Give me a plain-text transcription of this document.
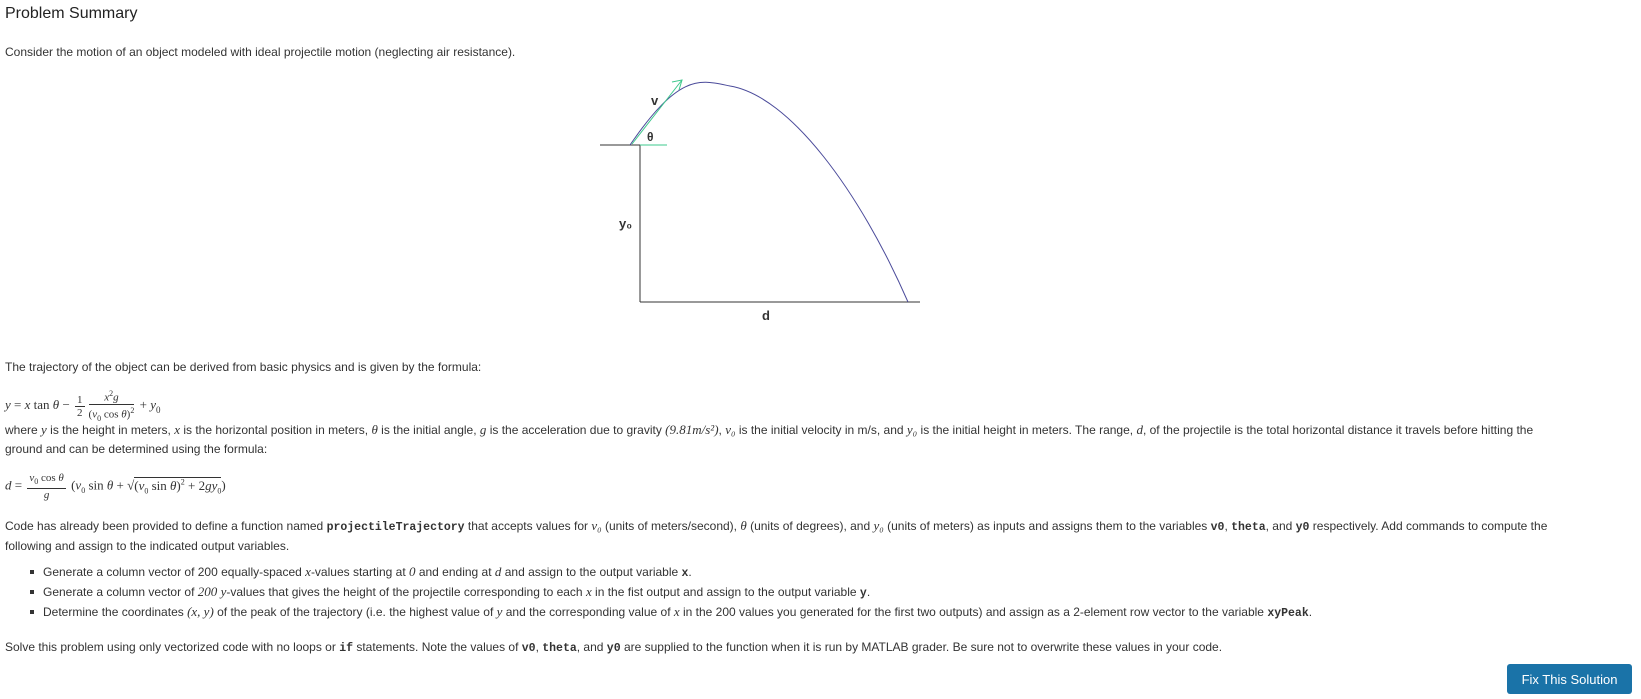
Problem Summary
Consider the motion of an object modeled with ideal projectile motion (neglecting air resistance).
v
θ
y₀
d
The trajectory of the object can be derived from basic physics and is given by the formula:
y = x $\tan \theta - \frac{1}{2} \frac{x^2g}{(v_0 \cos \theta)^2} + y_0$
where y is the height in meters, x is the horizontal position in meters, θ is the initial angle, g is the acceleration due to gravity (9.81m/s²), v₀ is the initial velocity in m/s, and y₀ is the initial height in meters. The range, d, of the projectile is the total horizontal distance it travels before hitting the ground and can be determined using the formula:
$d = \frac{v_0 \cos \theta}{g} (v_0$ $\sin \theta + √(v_0$ $\sin \theta)^2 + 2gy_0$)
Code has already been provided to define a function named projectileTrajectory that accepts values for v₀ (units of meters/second), θ (units of degrees), and y₀ (units of meters) as inputs and assigns them to the variables v0, theta, and y0 respectively. Add commands to compute the following and assign to the indicated output variables.
Generate a column vector of 200 equally-spaced x-values starting at 0 and ending at d and assign to the output variable x.
Generate a column vector of 200 y-values that gives the height of the projectile corresponding to each x in the fist output and assign to the output variable y.
Determine the coordinates (x, y) of the peak of the trajectory (i.e. the highest value of y and the corresponding value of x in the 200 values you generated for the first two outputs) and assign as a 2-element row vector to the variable xyPeak.
Solve this problem using only vectorized code with no loops or if statements. Note the values of v0, theta, and y0 are supplied to the function when it is run by MATLAB grader. Be sure not to overwrite these values in your code.
Fix This Solution
